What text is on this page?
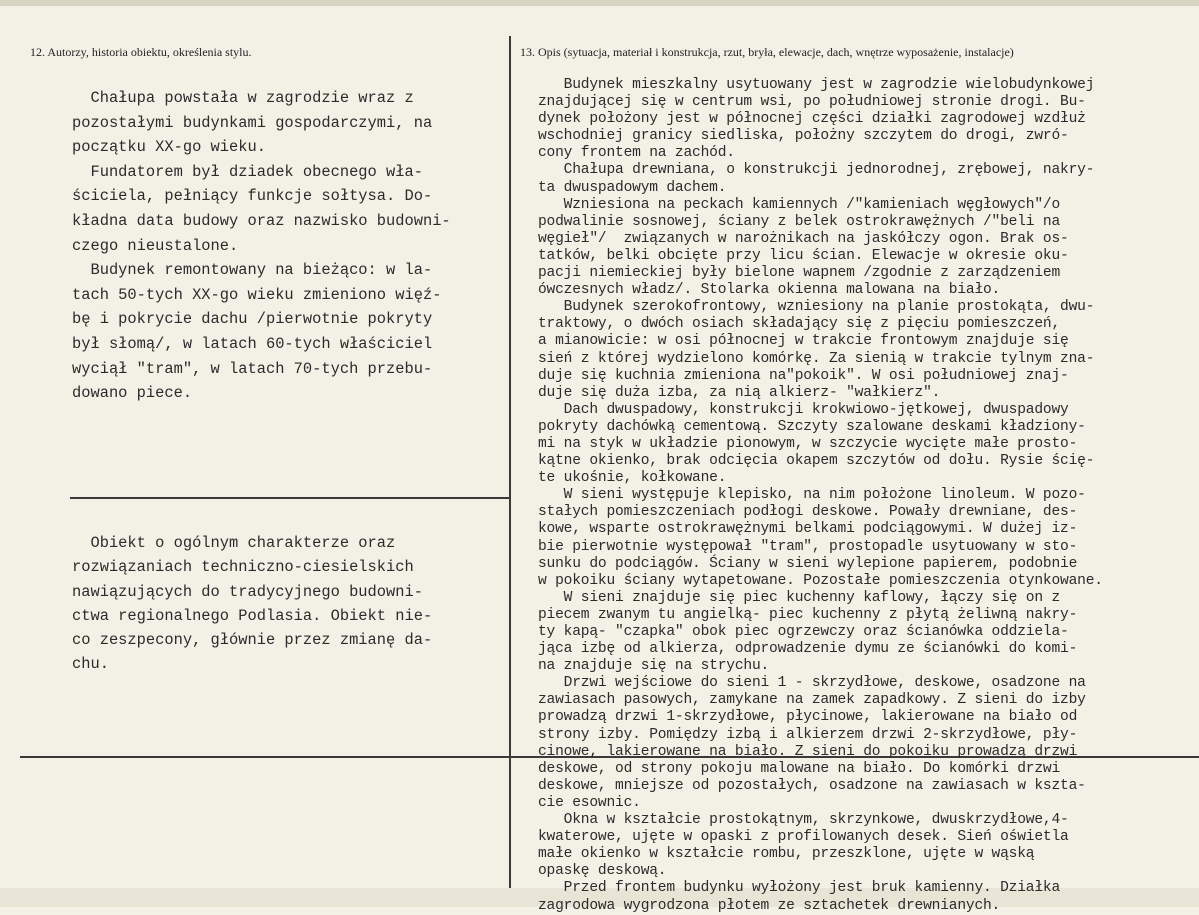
12. Autorzy, historia obiektu, określenia stylu.	13. Opis (sytuacja, materiał i konstrukcja, rzut, bryła, elewacje, dach, wnętrze wyposażenie, instalacje)
Chałupa powstała w zagrodzie wraz z
pozostałymi budynkami gospodarczymi, na
początku XX-go wieku.
Fundatorem był dziadek obecnego wła-
ściciela, pełniący funkcje sołtysa. Do-
kładna data budowy oraz nazwisko budowni-
czego nieustalone.
Budynek remontowany na bieżąco: w la-
tach 50-tych XX-go wieku zmieniono więź-
bę i pokrycie dachu /pierwotnie pokryty
był słomą/, w latach 60-tych właściciel
wyciął "tram", w latach 70-tych przebu-
dowano piece.
Obiekt o ogólnym charakterze oraz
rozwiązaniach techniczno-ciesielskich
nawiązujących do tradycyjnego budowni-
ctwa regionalnego Podlasia. Obiekt nie-
co zeszpecony, głównie przez zmianę da-
chu.
Budynek mieszkalny usytuowany jest w zagrodzie wielobudynkowej
znajdującej się w centrum wsi, po południowej stronie drogi. Bu-
dynek położony jest w północnej części działki zagrodowej wzdłuż
wschodniej granicy siedliska, położny szczytem do drogi, zwró-
cony frontem na zachód.
Chałupa drewniana, o konstrukcji jednorodnej, zrębowej, nakry-
ta dwuspadowym dachem.
Wzniesiona na peckach kamiennych /"kamieniach węgłowych"/o
podwalinie sosnowej, ściany z belek ostrokrawężnych /"beli na
węgieł"/  związanych w narożnikach na jaskółczy ogon. Brak os-
tatków, belki obcięte przy licu ścian. Elewacje w okresie oku-
pacji niemieckiej były bielone wapnem /zgodnie z zarządzeniem
ówczesnych władz/. Stolarka okienna malowana na biało.
Budynek szerokofrontowy, wzniesiony na planie prostokąta, dwu-
traktowy, o dwóch osiach składający się z pięciu pomieszczeń,
a mianowicie: w osi północnej w trakcie frontowym znajduje się
sień z której wydzielono komórkę. Za sienią w trakcie tylnym zna-
duje się kuchnia zmieniona na"pokoik". W osi południowej znaj-
duje się duża izba, za nią alkierz- "wałkierz".
Dach dwuspadowy, konstrukcji krokwiowo-jętkowej, dwuspadowy
pokryty dachówką cementową. Szczyty szalowane deskami kładziony-
mi na styk w układzie pionowym, w szczycie wycięte małe prosto-
kątne okienko, brak odcięcia okapem szczytów od dołu. Rysie ścię-
te ukośnie, kołkowane.
W sieni występuje klepisko, na nim położone linoleum. W pozo-
stałych pomieszczeniach podłogi deskowe. Powały drewniane, des-
kowe, wsparte ostrokrawężnymi belkami podciągowymi. W dużej iz-
bie pierwotnie występował "tram", prostopadle usytuowany w sto-
sunku do podciągów. Ściany w sieni wylepione papierem, podobnie
w pokoiku ściany wytapetowane. Pozostałe pomieszczenia otynkowane.
W sieni znajduje się piec kuchenny kaflowy, łączy się on z
piecem zwanym tu angielką- piec kuchenny z płytą żeliwną nakry-
ty kapą- "czapka" obok piec ogrzewczy oraz ścianówka oddziela-
jąca izbę od alkierza, odprowadzenie dymu ze ścianówki do komi-
na znajduje się na strychu.
Drzwi wejściowe do sieni 1 - skrzydłowe, deskowe, osadzone na
zawiasach pasowych, zamykane na zamek zapadkowy. Z sieni do izby
prowadzą drzwi 1-skrzydłowe, płycinowe, lakierowane na biało od
strony izby. Pomiędzy izbą i alkierzem drzwi 2-skrzydłowe, pły-
cinowe, lakierowane na biało. Z sieni do pokoiku prowadzą drzwi
deskowe, od strony pokoju malowane na biało. Do komórki drzwi
deskowe, mniejsze od pozostałych, osadzone na zawiasach w kszta-
cie esownic.
Okna w kształcie prostokątnym, skrzynkowe, dwuskrzydłowe,4-
kwaterowe, ujęte w opaski z profilowanych desek. Sień oświetla
małe okienko w kształcie rombu, przeszklone, ujęte w wąską
opaskę deskową.
Przed frontem budynku wyłożony jest bruk kamienny. Działka
zagrodowa wygrodzona płotem ze sztachetek drewnianych.
